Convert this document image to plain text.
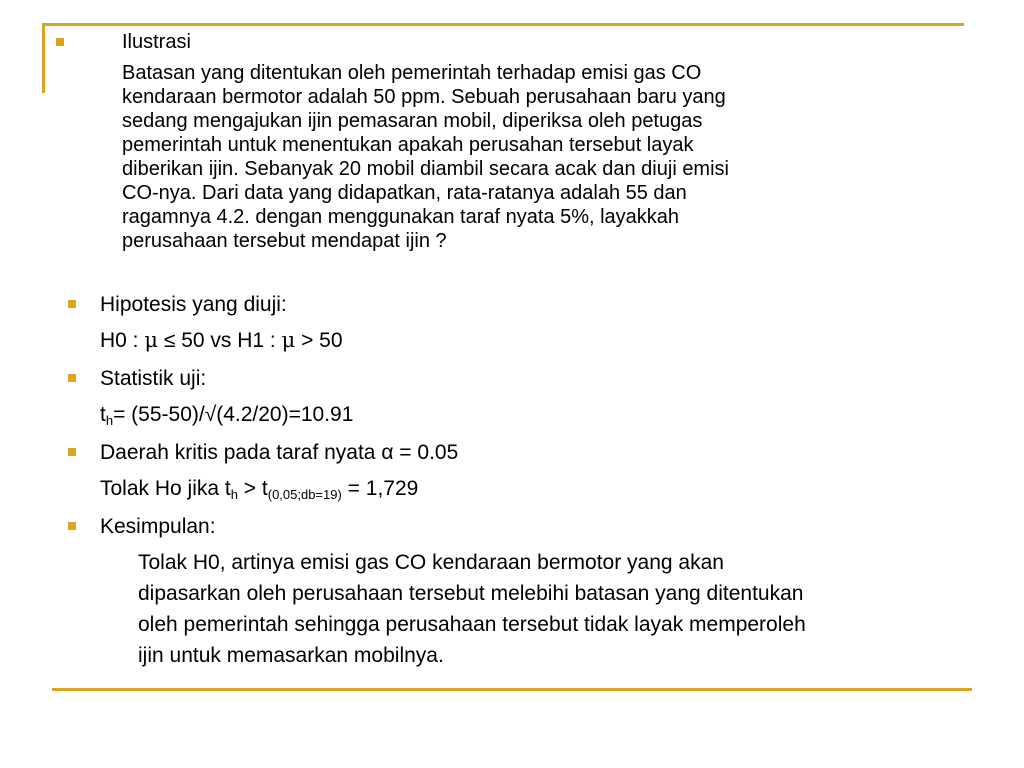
Ilustrasi
Batasan yang ditentukan oleh pemerintah terhadap emisi gas CO
kendaraan bermotor adalah 50 ppm. Sebuah perusahaan baru yang
sedang mengajukan ijin pemasaran mobil, diperiksa oleh petugas
pemerintah untuk menentukan apakah perusahan tersebut layak
diberikan ijin. Sebanyak 20 mobil diambil secara acak dan diuji emisi
CO-nya. Dari data yang didapatkan, rata-ratanya adalah 55 dan
ragamnya 4.2. dengan menggunakan taraf nyata 5%, layakkah
perusahaan tersebut mendapat ijin ?
Hipotesis yang diuji:
H0 : μ ≤ 50 vs H1 : μ > 50
Statistik uji:
$t_h= (55-50)/√(4.2/20)=10.91$
Daerah kritis pada taraf nyata α = 0.05
Tolak Ho jika $t_h > t_{(0,05;db=19)} = 1,729$
Kesimpulan:
Tolak H0, artinya emisi gas CO kendaraan bermotor yang akan
dipasarkan oleh perusahaan tersebut melebihi batasan yang ditentukan
oleh pemerintah sehingga perusahaan tersebut tidak layak memperoleh
ijin untuk memasarkan mobilnya.
